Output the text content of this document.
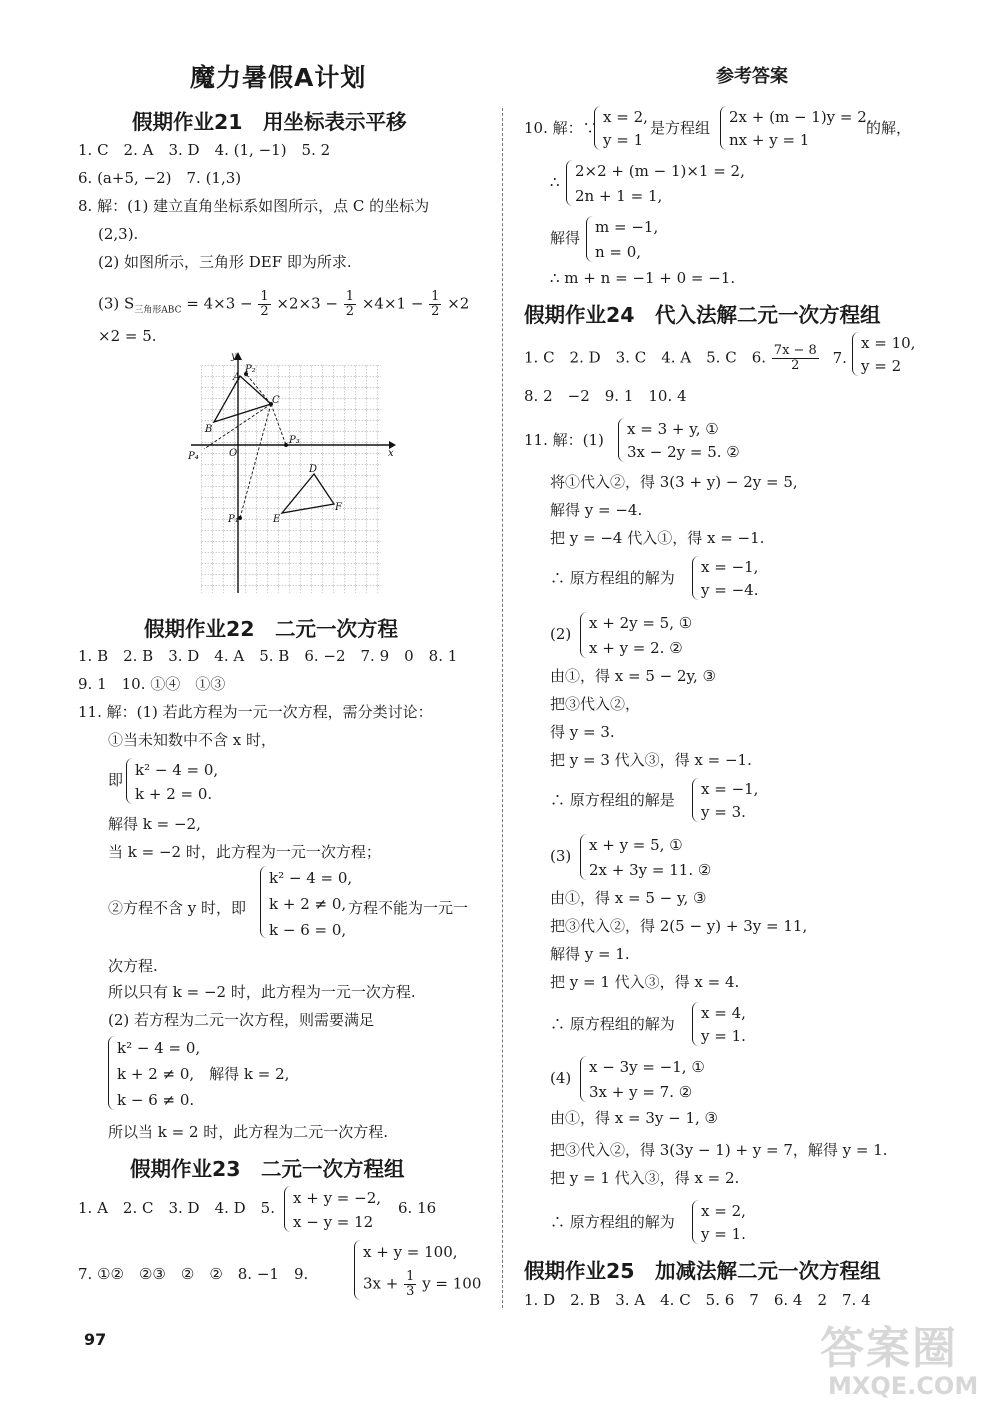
魔力暑假A计划	参考答案
假期作业21　用坐标表示平移
1. C　2. A　3. D　4. (1, −1)　5. 2
6. (a+5, −2)　7. (1,3)
8. 解：(1) 建立直角坐标系如图所示，点 C 的坐标为
(2,3).
(2) 如图所示，三角形 DEF 即为所求.
(3) $S_{三角形ABC} = 4\times 3 - \frac{1}{2} \times 2\times 3 - \frac{1}{2} \times 4\times 1 - \frac{1}{2} \times 2$
×2 = 5.
假期作业22　二元一次方程
1. B　2. B　3. D　4. A　5. B　6. −2　7. 9　0　8. 1
9. 1　10. ①④　①③
11. 解：(1) 若此方程为一元一次方程，需分类讨论：
①当未知数中不含 x 时，
即
k² − 4 = 0,
k + 2 = 0.
解得 k = −2,
当 k = −2 时，此方程为一元一次方程；
②方程不含 y 时，即
k² − 4 = 0,
k + 2 ≠ 0,
k − 6 = 0,
方程不能为一元一
次方程.
所以只有 k = −2 时，此方程为一元一次方程.
(2) 若方程为二元一次方程，则需要满足
k² − 4 = 0,
k + 2 ≠ 0,　解得 k = 2,
k − 6 ≠ 0.
所以当 k = 2 时，此方程为二元一次方程.
假期作业23　二元一次方程组
1. A　2. C　3. D　4. D　5.
x + y = −2,
x − y = 12
6. 16
7. ①②　②③　②　②　8. −1　9.
x + y = 100,
$3x + \frac{1}{3}$ y = 100
y
x
O
A
P₂
B
C
P₃
P₄
D
E
F
P₁
10. 解：∵
x = 2,
y = 1
是方程组
2x + (m − 1)y = 2,
nx + y = 1
的解，
∴
2×2 + (m − 1)×1 = 2,
2n + 1 = 1,
解得
m = −1,
n = 0,
∴ m + n = −1 + 0 = −1.
假期作业24　代入法解二元一次方程组
1. C　2. D　3. C　4. A　5. C　6. $\frac{7x - 8}{2} 7$.
x = 10,
y = 2
8. 2　−2　9. 1　10. 4
11. 解：(1)
x = 3 + y, ①
3x − 2y = 5. ②
将①代入②，得 3(3 + y) − 2y = 5,
解得 y = −4.
把 y = −4 代入①，得 x = −1.
∴ 原方程组的解为
x = −1,
y = −4.
(2)
x + 2y = 5, ①
x + y = 2. ②
由①，得 x = 5 − 2y, ③
把③代入②，
得 y = 3.
把 y = 3 代入③，得 x = −1.
∴ 原方程组的解是
x = −1,
y = 3.
(3)
x + y = 5, ①
2x + 3y = 11. ②
由①，得 x = 5 − y, ③
把③代入②，得 2(5 − y) + 3y = 11,
解得 y = 1.
把 y = 1 代入③，得 x = 4.
∴ 原方程组的解为
x = 4,
y = 1.
(4)
x − 3y = −1, ①
3x + y = 7. ②
由①，得 x = 3y − 1, ③
把③代入②，得 3(3y − 1) + y = 7，解得 y = 1.
把 y = 1 代入③，得 x = 2.
∴ 原方程组的解为
x = 2,
y = 1.
假期作业25　加减法解二元一次方程组
1. D　2. B　3. A　4. C　5. 6　7　6. 4　2　7. 4
97	答案圈
MXQE.COM
